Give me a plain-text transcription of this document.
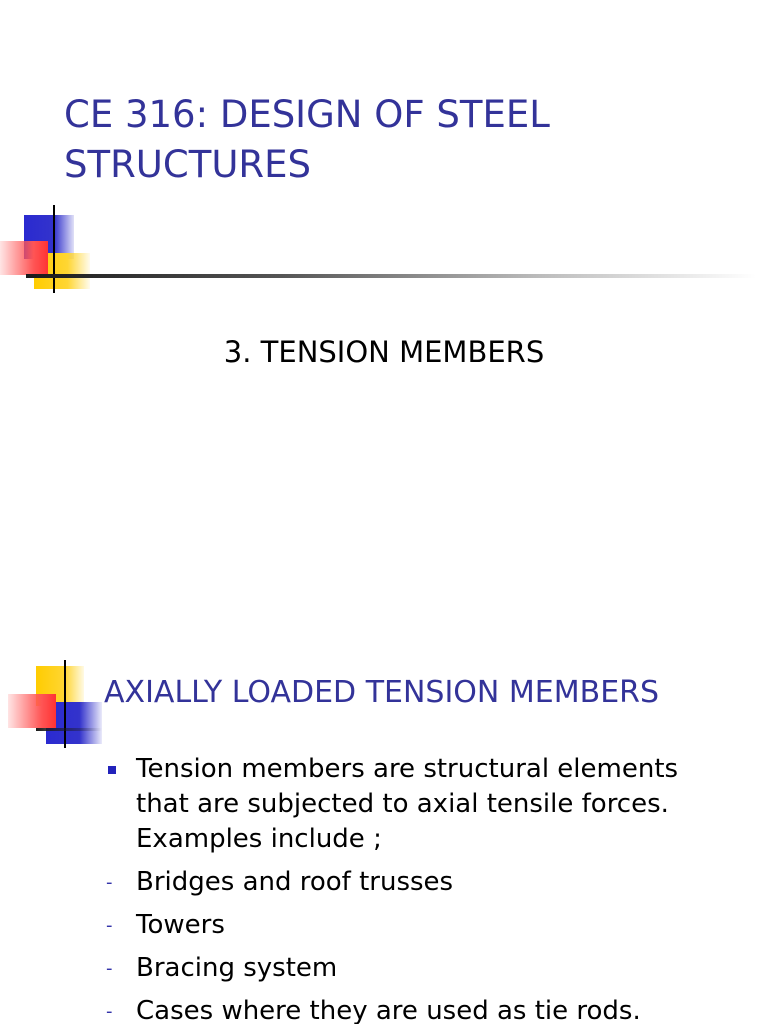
CE 316: DESIGN OF STEEL STRUCTURES
3. TENSION MEMBERS
AXIALLY LOADED TENSION MEMBERS
Tension members are structural elements that are subjected to axial tensile forces. Examples include ;
- Bridges and roof trusses
- Towers
- Bracing system
- Cases where they are used as tie rods.
